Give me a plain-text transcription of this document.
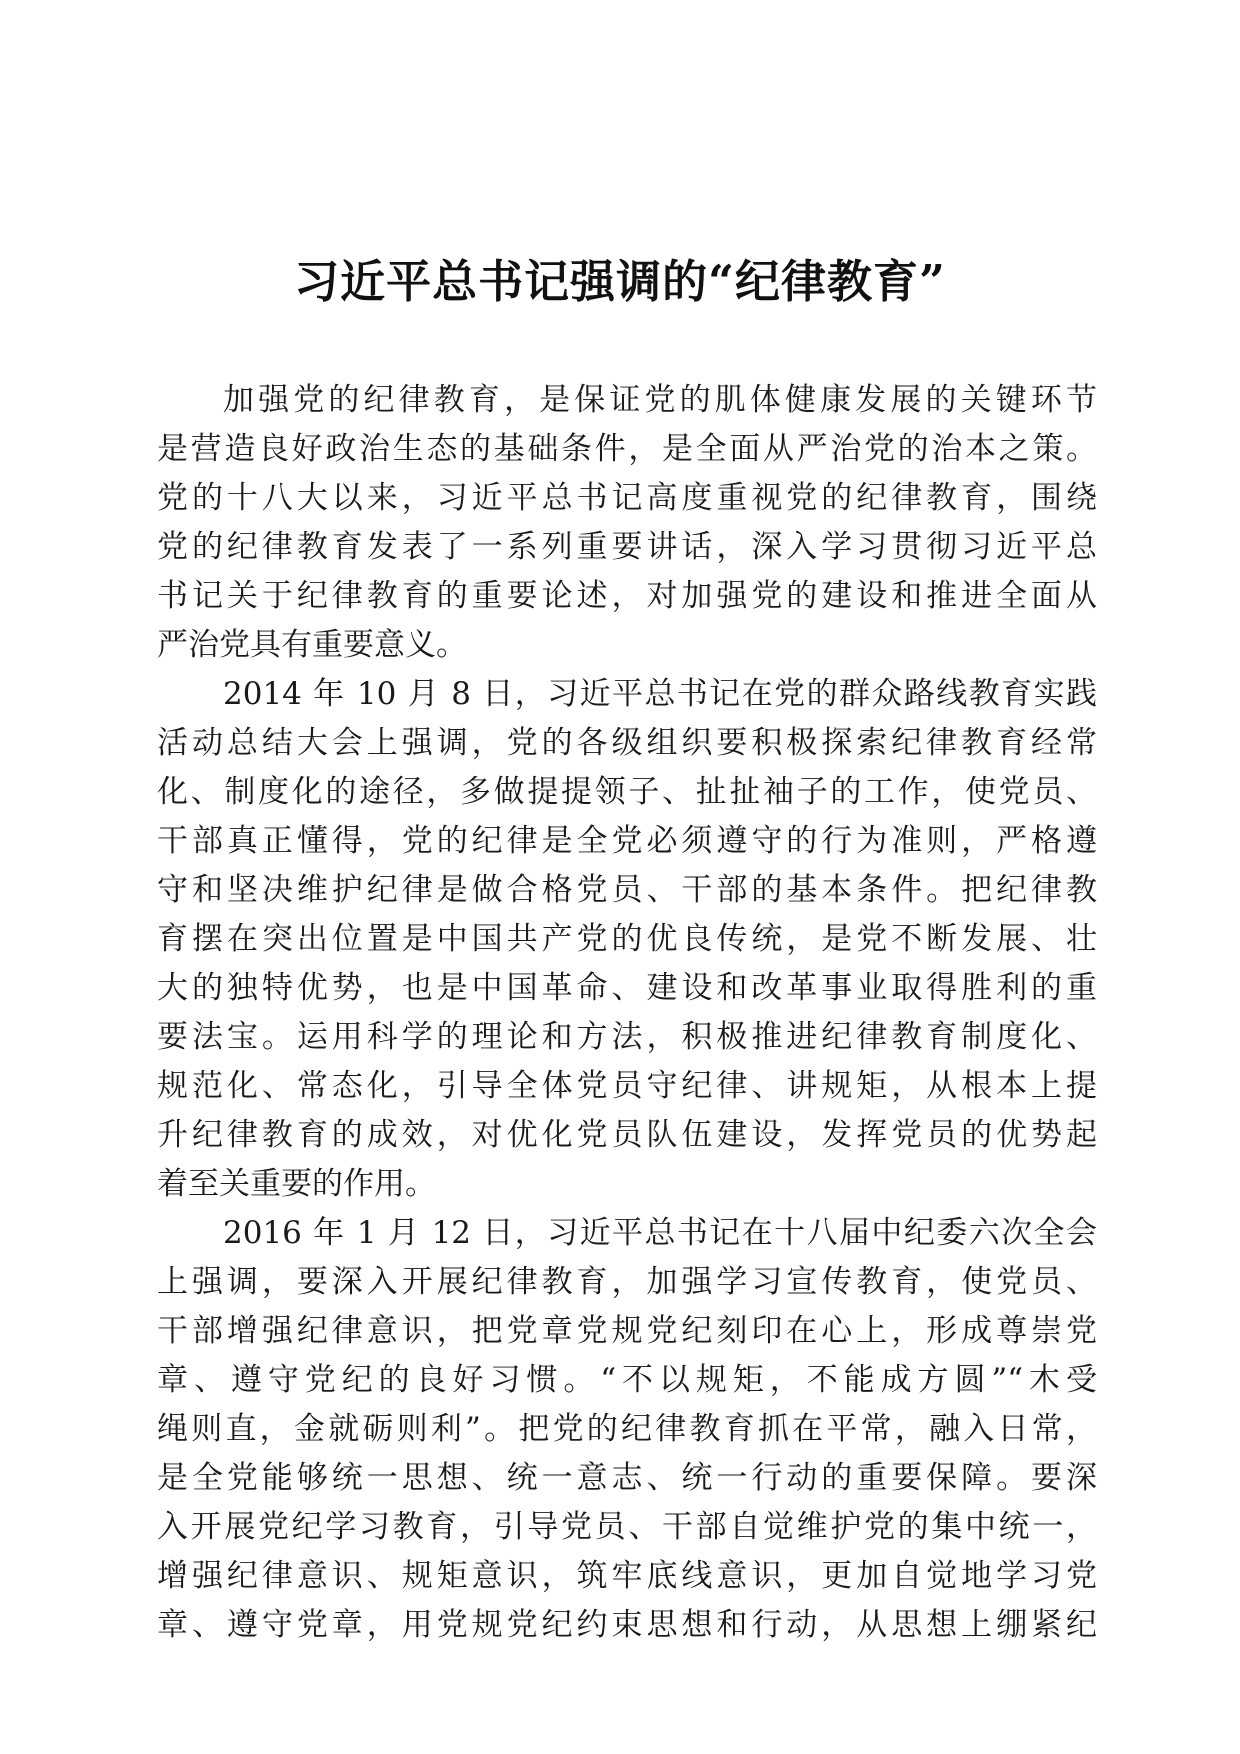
习近平总书记强调的“纪律教育”
加强党的纪律教育，是保证党的肌体健康发展的关键环节
是营造良好政治生态的基础条件，是全面从严治党的治本之策。
党的十八大以来，习近平总书记高度重视党的纪律教育，围绕
党的纪律教育发表了一系列重要讲话，深入学习贯彻习近平总
书记关于纪律教育的重要论述，对加强党的建设和推进全面从
严治党具有重要意义。
2014 年 10 月 8 日，习近平总书记在党的群众路线教育实践
活动总结大会上强调，党的各级组织要积极探索纪律教育经常
化、制度化的途径，多做提提领子、扯扯袖子的工作，使党员、
干部真正懂得，党的纪律是全党必须遵守的行为准则，严格遵
守和坚决维护纪律是做合格党员、干部的基本条件。把纪律教
育摆在突出位置是中国共产党的优良传统，是党不断发展、壮
大的独特优势，也是中国革命、建设和改革事业取得胜利的重
要法宝。运用科学的理论和方法，积极推进纪律教育制度化、
规范化、常态化，引导全体党员守纪律、讲规矩，从根本上提
升纪律教育的成效，对优化党员队伍建设，发挥党员的优势起
着至关重要的作用。
2016 年 1 月 12 日，习近平总书记在十八届中纪委六次全会
上强调，要深入开展纪律教育，加强学习宣传教育，使党员、
干部增强纪律意识，把党章党规党纪刻印在心上，形成尊崇党
章、遵守党纪的良好习惯。“不以规矩，不能成方圆”“木受
绳则直，金就砺则利”。把党的纪律教育抓在平常，融入日常，
是全党能够统一思想、统一意志、统一行动的重要保障。要深
入开展党纪学习教育，引导党员、干部自觉维护党的集中统一，
增强纪律意识、规矩意识，筑牢底线意识，更加自觉地学习党
章、遵守党章，用党规党纪约束思想和行动，从思想上绷紧纪
